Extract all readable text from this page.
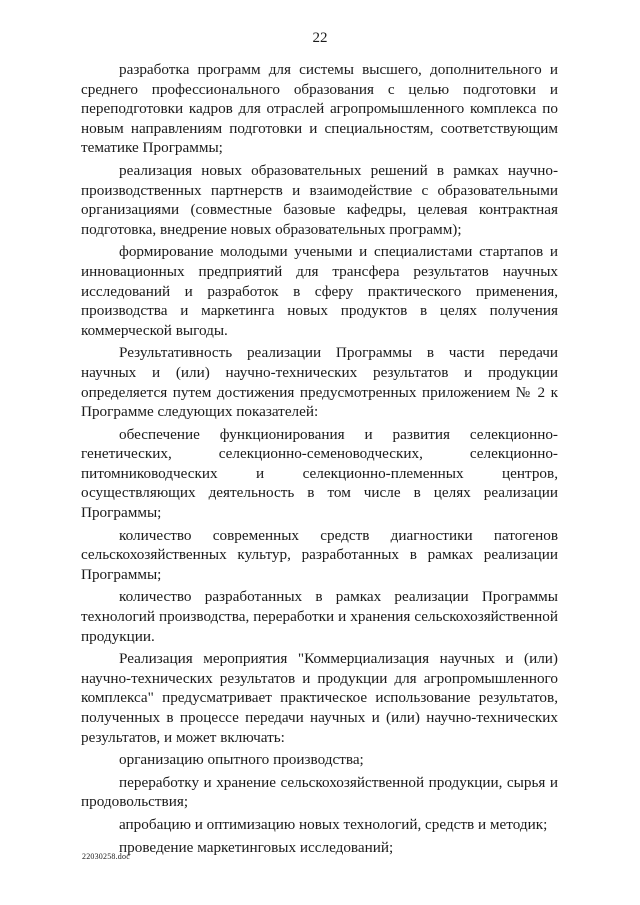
22

разработка программ для системы высшего, дополнительного и среднего профессионального образования с целью подготовки и переподготовки кадров для отраслей агропромышленного комплекса по новым направлениям подготовки и специальностям, соответствующим тематике Программы;

реализация новых образовательных решений в рамках научно-производственных партнерств и взаимодействие с образовательными организациями (совместные базовые кафедры, целевая контрактная подготовка, внедрение новых образовательных программ);

формирование молодыми учеными и специалистами стартапов и инновационных предприятий для трансфера результатов научных исследований и разработок в сферу практического применения, производства и маркетинга новых продуктов в целях получения коммерческой выгоды.

Результативность реализации Программы в части передачи научных и (или) научно-технических результатов и продукции определяется путем достижения предусмотренных приложением № 2 к Программе следующих показателей:

обеспечение функционирования и развития селекционно-генетических, селекционно-семеноводческих, селекционно-питомниководческих и селекционно-племенных центров, осуществляющих деятельность в том числе в целях реализации Программы;

количество современных средств диагностики патогенов сельскохозяйственных культур, разработанных в рамках реализации Программы;

количество разработанных в рамках реализации Программы технологий производства, переработки и хранения сельскохозяйственной продукции.

Реализация мероприятия "Коммерциализация научных и (или) научно-технических результатов и продукции для агропромышленного комплекса" предусматривает практическое использование результатов, полученных в процессе передачи научных и (или) научно-технических результатов, и может включать:

организацию опытного производства;

переработку и хранение сельскохозяйственной продукции, сырья и продовольствия;

апробацию и оптимизацию новых технологий, средств и методик;

проведение маркетинговых исследований;

22030258.doc
